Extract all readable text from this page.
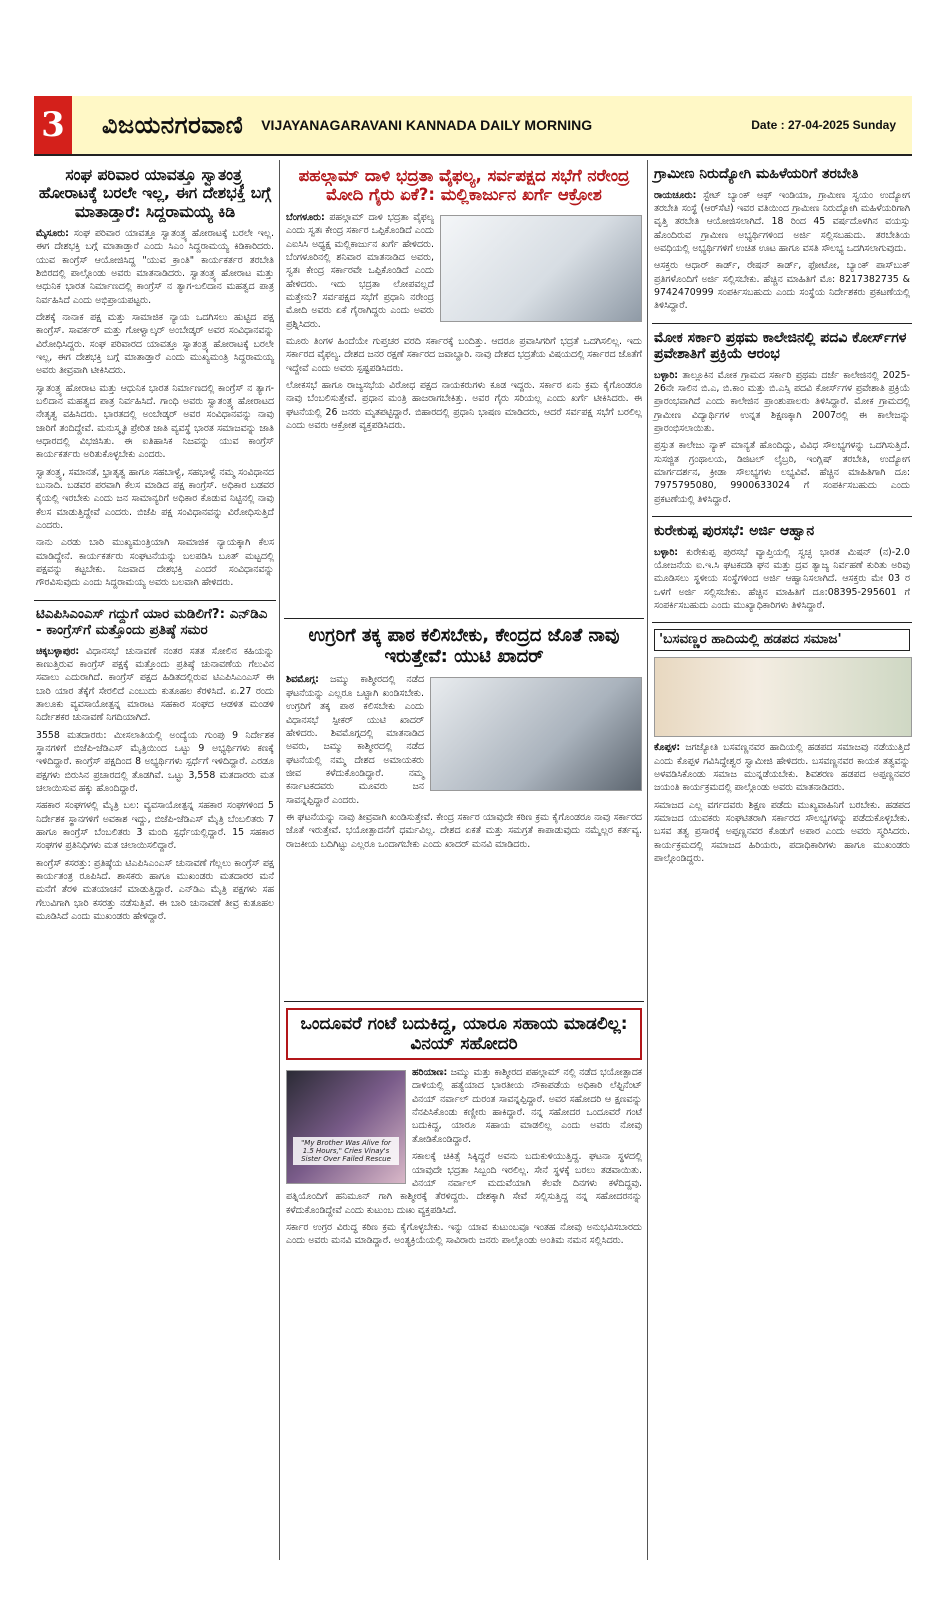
3 ವಿಜಯನಗರವಾಣಿ VIJAYANAGARAVANI KANNADA DAILY MORNING	Date : 27-04-2025 Sunday
ಸಂಘ ಪರಿವಾರ ಯಾವತ್ತೂ ಸ್ವಾತಂತ್ರ್ಯ ಹೋರಾಟಕ್ಕೆ ಬರಲೇ ಇಲ್ಲ, ಈಗ ದೇಶಭಕ್ತಿ ಬಗ್ಗೆ ಮಾತಾಡ್ತಾರೆ: ಸಿದ್ದರಾಮಯ್ಯ ಕಿಡಿ

ಮೈಸೂರು: ಸಂಘ ಪರಿವಾರ ಯಾವತ್ತೂ ಸ್ವಾತಂತ್ರ್ಯ ಹೋರಾಟಕ್ಕೆ ಬರಲೇ ಇಲ್ಲ. ಈಗ ದೇಶಭಕ್ತಿ ಬಗ್ಗೆ ಮಾತಾಡ್ತಾರೆ ಎಂದು ಸಿಎಂ ಸಿದ್ದರಾಮಯ್ಯ ಕಿಡಿಕಾರಿದರು. ಯುವ ಕಾಂಗ್ರೆಸ್ ಆಯೋಜಿಸಿದ್ದ "ಯುವ ಕ್ರಾಂತಿ" ಕಾರ್ಯಕರ್ತರ ತರಬೇತಿ ಶಿಬಿರದಲ್ಲಿ ಪಾಲ್ಗೊಂಡು ಅವರು ಮಾತನಾಡಿದರು. ಸ್ವಾತಂತ್ರ್ಯ ಹೋರಾಟ ಮತ್ತು ಆಧುನಿಕ ಭಾರತ ನಿರ್ಮಾಣದಲ್ಲಿ ಕಾಂಗ್ರೆಸ್ ನ ತ್ಯಾಗ-ಬಲಿದಾನ ಮಹತ್ವದ ಪಾತ್ರ ನಿರ್ವಹಿಸಿದೆ ಎಂದು ಅಭಿಪ್ರಾಯಪಟ್ಟರು.

ದೇಶಕ್ಕೆ ನಾನಾಕ ಪಕ್ಷ ಮತ್ತು ಸಾಮಾಜಿಕ ನ್ಯಾಯ ಒದಗಿಸಲು ಹುಟ್ಟಿದ ಪಕ್ಷ ಕಾಂಗ್ರೆಸ್. ಸಾವರ್ಕರ್ ಮತ್ತು ಗೋಳ್ವಾಲ್ಕರ್ ಅಂಬೇಡ್ಕರ್ ಅವರ ಸಂವಿಧಾನವನ್ನು ವಿರೋಧಿಸಿದ್ದರು. ಸಂಘ ಪರಿವಾರದ ಯಾವತ್ತೂ ಸ್ವಾತಂತ್ರ್ಯ ಹೋರಾಟಕ್ಕೆ ಬರಲೇ ಇಲ್ಲ, ಈಗ ದೇಶಭಕ್ತಿ ಬಗ್ಗೆ ಮಾತಾಡ್ತಾರೆ ಎಂದು ಮುಖ್ಯಮಂತ್ರಿ ಸಿದ್ದರಾಮಯ್ಯ ಅವರು ತೀವ್ರವಾಗಿ ಟೀಕಿಸಿದರು.

ಸ್ವಾತಂತ್ರ್ಯ ಹೋರಾಟ ಮತ್ತು ಆಧುನಿಕ ಭಾರತ ನಿರ್ಮಾಣದಲ್ಲಿ ಕಾಂಗ್ರೆಸ್ ನ ತ್ಯಾಗ-ಬಲಿದಾನ ಮಹತ್ವದ ಪಾತ್ರ ನಿರ್ವಹಿಸಿದೆ. ಗಾಂಧಿ ಅವರು ಸ್ವಾತಂತ್ರ್ಯ ಹೋರಾಟದ ನೇತೃತ್ವ ವಹಿಸಿದರು. ಭಾರತದಲ್ಲಿ ಅಂಬೇಡ್ಕರ್ ಅವರ ಸಂವಿಧಾನವನ್ನು ನಾವು ಜಾರಿಗೆ ತಂದಿದ್ದೇವೆ. ಮನುಸ್ಮೃತಿ ಪ್ರೇರಿತ ಜಾತಿ ವ್ಯವಸ್ಥೆ ಭಾರತ ಸಮಾಜವನ್ನು ಜಾತಿ ಆಧಾರದಲ್ಲಿ ವಿಭಜಿಸಿತು. ಈ ಐತಿಹಾಸಿಕ ನಿಜವನ್ನು ಯುವ ಕಾಂಗ್ರೆಸ್ ಕಾರ್ಯಕರ್ತರು ಅರಿತುಕೊಳ್ಳಬೇಕು ಎಂದರು.

ಸ್ವಾತಂತ್ರ್ಯ, ಸಮಾನತೆ, ಭ್ರಾತೃತ್ವ ಹಾಗೂ ಸಹಬಾಳ್ವೆ, ಸಹಭಾಳ್ವೆ ನಮ್ಮ ಸಂವಿಧಾನದ ಬುನಾದಿ. ಬಡವರ ಪರವಾಗಿ ಕೆಲಸ ಮಾಡಿದ ಪಕ್ಷ ಕಾಂಗ್ರೆಸ್. ಅಧಿಕಾರ ಬಡವರ ಕೈಯಲ್ಲಿ ಇರಬೇಕು ಎಂದು ಜನ ಸಾಮಾನ್ಯರಿಗೆ ಅಧಿಕಾರ ಕೊಡುವ ನಿಟ್ಟಿನಲ್ಲಿ ನಾವು ಕೆಲಸ ಮಾಡುತ್ತಿದ್ದೇವೆ ಎಂದರು. ಬಿಜೆಪಿ ಪಕ್ಷ ಸಂವಿಧಾನವನ್ನು ವಿರೋಧಿಸುತ್ತಿದೆ ಎಂದರು.

ನಾನು ಎರಡು ಬಾರಿ ಮುಖ್ಯಮಂತ್ರಿಯಾಗಿ ಸಾಮಾಜಿಕ ನ್ಯಾಯಕ್ಕಾಗಿ ಕೆಲಸ ಮಾಡಿದ್ದೇನೆ. ಕಾರ್ಯಕರ್ತರು ಸಂಘಟನೆಯನ್ನು ಬಲಪಡಿಸಿ ಬೂತ್ ಮಟ್ಟದಲ್ಲಿ ಪಕ್ಷವನ್ನು ಕಟ್ಟಬೇಕು. ನಿಜವಾದ ದೇಶಭಕ್ತಿ ಎಂದರೆ ಸಂವಿಧಾನವನ್ನು ಗೌರವಿಸುವುದು ಎಂದು ಸಿದ್ದರಾಮಯ್ಯ ಅವರು ಬಲವಾಗಿ ಹೇಳಿದರು.

ಟಿಎಪಿಸಿಎಂಎಸ್ ಗದ್ದುಗೆ ಯಾರ ಮಡಿಲಿಗೆ?: ಎನ್‌ಡಿಎ - ಕಾಂಗ್ರೆಸ್‌ಗೆ ಮತ್ತೊಂದು ಪ್ರತಿಷ್ಠೆ ಸಮರ

ಚಿಕ್ಕಬಳ್ಳಾಪುರ: ವಿಧಾನಸಭೆ ಚುನಾವಣೆ ನಂತರ ಸತತ ಸೋಲಿನ ಕಹಿಯನ್ನು ಕಾಣುತ್ತಿರುವ ಕಾಂಗ್ರೆಸ್ ಪಕ್ಷಕ್ಕೆ ಮತ್ತೊಂದು ಪ್ರತಿಷ್ಠೆ ಚುನಾವಣೆಯ ಗೆಲುವಿನ ಸವಾಲು ಎದುರಾಗಿದೆ. ಕಾಂಗ್ರೆಸ್ ಪಕ್ಷದ ಹಿಡಿತದಲ್ಲಿರುವ ಟಿಎಪಿಸಿಎಂಎಸ್ ಈ ಬಾರಿ ಯಾರ ತೆಕ್ಕೆಗೆ ಸೇರಲಿದೆ ಎಂಬುದು ಕುತೂಹಲ ಕೆರಳಿಸಿದೆ. ಏ.27 ರಂದು ತಾಲೂಕು ವ್ಯವಸಾಯೋತ್ಪನ್ನ ಮಾರಾಟ ಸಹಕಾರ ಸಂಘದ ಆಡಳಿತ ಮಂಡಳಿ ನಿರ್ದೇಶಕರ ಚುನಾವಣೆ ನಿಗದಿಯಾಗಿದೆ.

3558 ಮತದಾರರು: ಮೀಸಲಾತಿಯಲ್ಲಿ ಅಂದ್ಯೆಯ ಗುಂಪು 9 ನಿರ್ದೇಶಕ ಸ್ಥಾನಗಳಿಗೆ ಬಿಜೆಪಿ-ಜೆಡಿಎಸ್ ಮೈತ್ರಿಯಿಂದ ಒಟ್ಟು 9 ಅಭ್ಯರ್ಥಿಗಳು ಕಣಕ್ಕೆ ಇಳಿದಿದ್ದಾರೆ. ಕಾಂಗ್ರೆಸ್ ಪಕ್ಷದಿಂದ 8 ಅಭ್ಯರ್ಥಿಗಳು ಸ್ಪರ್ಧೆಗೆ ಇಳಿದಿದ್ದಾರೆ. ಎರಡೂ ಪಕ್ಷಗಳು ಬಿರುಸಿನ ಪ್ರಚಾರದಲ್ಲಿ ತೊಡಗಿವೆ. ಒಟ್ಟು 3,558 ಮತದಾರರು ಮತ ಚಲಾಯಿಸುವ ಹಕ್ಕು ಹೊಂದಿದ್ದಾರೆ.

ಸಹಕಾರ ಸಂಘಗಳಲ್ಲಿ ಮೈತ್ರಿ ಬಲ: ವ್ಯವಸಾಯೋತ್ಪನ್ನ ಸಹಕಾರ ಸಂಘಗಳಿಂದ 5 ನಿರ್ದೇಶಕ ಸ್ಥಾನಗಳಿಗೆ ಅವಕಾಶ ಇದ್ದು, ಬಿಜೆಪಿ-ಜೆಡಿಎಸ್ ಮೈತ್ರಿ ಬೆಂಬಲಿತರು 7 ಹಾಗೂ ಕಾಂಗ್ರೆಸ್ ಬೆಂಬಲಿತರು 3 ಮಂದಿ ಸ್ಪರ್ಧೆಯಲ್ಲಿದ್ದಾರೆ. 15 ಸಹಕಾರ ಸಂಘಗಳ ಪ್ರತಿನಿಧಿಗಳು ಮತ ಚಲಾಯಿಸಲಿದ್ದಾರೆ.

ಕಾಂಗ್ರೆಸ್ ಕಸರತ್ತು: ಪ್ರತಿಷ್ಠೆಯ ಟಿಎಪಿಸಿಎಂಎಸ್ ಚುನಾವಣೆ ಗೆಲ್ಲಲು ಕಾಂಗ್ರೆಸ್ ಪಕ್ಷ ಕಾರ್ಯತಂತ್ರ ರೂಪಿಸಿದೆ. ಶಾಸಕರು ಹಾಗೂ ಮುಖಂಡರು ಮತದಾರರ ಮನೆ ಮನೆಗೆ ತೆರಳಿ ಮತಯಾಚನೆ ಮಾಡುತ್ತಿದ್ದಾರೆ. ಎನ್‌ಡಿಎ ಮೈತ್ರಿ ಪಕ್ಷಗಳು ಸಹ ಗೆಲುವಿಗಾಗಿ ಭಾರಿ ಕಸರತ್ತು ನಡೆಸುತ್ತಿವೆ. ಈ ಬಾರಿ ಚುನಾವಣೆ ತೀವ್ರ ಕುತೂಹಲ ಮೂಡಿಸಿದೆ ಎಂದು ಮುಖಂಡರು ಹೇಳಿದ್ದಾರೆ.

ಪಹಲ್ಗಾಮ್ ದಾಳಿ ಭದ್ರತಾ ವೈಫಲ್ಯ, ಸರ್ವಪಕ್ಷದ ಸಭೆಗೆ ನರೇಂದ್ರ ಮೋದಿ ಗೈರು ಏಕೆ?: ಮಲ್ಲಿಕಾರ್ಜುನ ಖರ್ಗೆ ಆಕ್ರೋಶ

ಬೆಂಗಳೂರು: ಪಹಲ್ಗಾಮ್ ದಾಳಿ ಭದ್ರತಾ ವೈಫಲ್ಯ ಎಂದು ಸ್ವತಃ ಕೇಂದ್ರ ಸರ್ಕಾರ ಒಪ್ಪಿಕೊಂಡಿದೆ ಎಂದು ಎಐಸಿಸಿ ಅಧ್ಯಕ್ಷ ಮಲ್ಲಿಕಾರ್ಜುನ ಖರ್ಗೆ ಹೇಳಿದರು. ಬೆಂಗಳೂರಿನಲ್ಲಿ ಶನಿವಾರ ಮಾತನಾಡಿದ ಅವರು, ಸ್ವತಃ ಕೇಂದ್ರ ಸರ್ಕಾರವೇ ಒಪ್ಪಿಕೊಂಡಿದೆ ಎಂದು ಹೇಳಿದರು. ಇದು ಭದ್ರತಾ ಲೋಪವಲ್ಲದೆ ಮತ್ತೇನು? ಸರ್ವಪಕ್ಷದ ಸಭೆಗೆ ಪ್ರಧಾನಿ ನರೇಂದ್ರ ಮೋದಿ ಅವರು ಏಕೆ ಗೈರಾಗಿದ್ದರು ಎಂದು ಅವರು ಪ್ರಶ್ನಿಸಿದರು.

ಮೂರು ತಿಂಗಳ ಹಿಂದೆಯೇ ಗುಪ್ತಚರ ವರದಿ ಸರ್ಕಾರಕ್ಕೆ ಬಂದಿತ್ತು. ಆದರೂ ಪ್ರವಾಸಿಗರಿಗೆ ಭದ್ರತೆ ಒದಗಿಸಲಿಲ್ಲ. ಇದು ಸರ್ಕಾರದ ವೈಫಲ್ಯ. ದೇಶದ ಜನರ ರಕ್ಷಣೆ ಸರ್ಕಾರದ ಜವಾಬ್ದಾರಿ. ನಾವು ದೇಶದ ಭದ್ರತೆಯ ವಿಷಯದಲ್ಲಿ ಸರ್ಕಾರದ ಜೊತೆಗೆ ಇದ್ದೇವೆ ಎಂದು ಅವರು ಸ್ಪಷ್ಟಪಡಿಸಿದರು.

ಲೋಕಸಭೆ ಹಾಗೂ ರಾಜ್ಯಸಭೆಯ ವಿರೋಧ ಪಕ್ಷದ ನಾಯಕರುಗಳು ಕೂಡ ಇದ್ದರು. ಸರ್ಕಾರ ಏನು ಕ್ರಮ ಕೈಗೊಂಡರೂ ನಾವು ಬೆಂಬಲಿಸುತ್ತೇವೆ. ಪ್ರಧಾನ ಮಂತ್ರಿ ಹಾಜರಾಗಬೇಕಿತ್ತು. ಅವರ ಗೈರು ಸರಿಯಲ್ಲ ಎಂದು ಖರ್ಗೆ ಟೀಕಿಸಿದರು. ಈ ಘಟನೆಯಲ್ಲಿ 26 ಜನರು ಮೃತಪಟ್ಟಿದ್ದಾರೆ. ಬಿಹಾರದಲ್ಲಿ ಪ್ರಧಾನಿ ಭಾಷಣ ಮಾಡಿದರು, ಆದರೆ ಸರ್ವಪಕ್ಷ ಸಭೆಗೆ ಬರಲಿಲ್ಲ ಎಂದು ಅವರು ಆಕ್ರೋಶ ವ್ಯಕ್ತಪಡಿಸಿದರು.

ಉಗ್ರರಿಗೆ ತಕ್ಕ ಪಾಠ ಕಲಿಸಬೇಕು, ಕೇಂದ್ರದ ಜೊತೆ ನಾವು ಇರುತ್ತೇವೆ: ಯುಟಿ ಖಾದರ್

ಶಿವಮೊಗ್ಗ: ಜಮ್ಮು ಕಾಶ್ಮೀರದಲ್ಲಿ ನಡೆದ ಘಟನೆಯನ್ನು ಎಲ್ಲರೂ ಒಟ್ಟಾಗಿ ಖಂಡಿಸಬೇಕು. ಉಗ್ರರಿಗೆ ತಕ್ಕ ಪಾಠ ಕಲಿಸಬೇಕು ಎಂದು ವಿಧಾನಸಭೆ ಸ್ಪೀಕರ್ ಯುಟಿ ಖಾದರ್ ಹೇಳಿದರು. ಶಿವಮೊಗ್ಗದಲ್ಲಿ ಮಾತನಾಡಿದ ಅವರು, ಜಮ್ಮು ಕಾಶ್ಮೀರದಲ್ಲಿ ನಡೆದ ಘಟನೆಯಲ್ಲಿ ನಮ್ಮ ದೇಶದ ಅಮಾಯಕರು ಜೀವ ಕಳೆದುಕೊಂಡಿದ್ದಾರೆ. ನಮ್ಮ ಕರ್ನಾಟಕದವರು ಮೂವರು ಜನ ಸಾವನ್ನಪ್ಪಿದ್ದಾರೆ ಎಂದರು.

ಈ ಘಟನೆಯನ್ನು ನಾವು ತೀವ್ರವಾಗಿ ಖಂಡಿಸುತ್ತೇವೆ. ಕೇಂದ್ರ ಸರ್ಕಾರ ಯಾವುದೇ ಕಠಿಣ ಕ್ರಮ ಕೈಗೊಂಡರೂ ನಾವು ಸರ್ಕಾರದ ಜೊತೆ ಇರುತ್ತೇವೆ. ಭಯೋತ್ಪಾದನೆಗೆ ಧರ್ಮವಿಲ್ಲ. ದೇಶದ ಏಕತೆ ಮತ್ತು ಸಮಗ್ರತೆ ಕಾಪಾಡುವುದು ನಮ್ಮೆಲ್ಲರ ಕರ್ತವ್ಯ. ರಾಜಕೀಯ ಬದಿಗಿಟ್ಟು ಎಲ್ಲರೂ ಒಂದಾಗಬೇಕು ಎಂದು ಖಾದರ್ ಮನವಿ ಮಾಡಿದರು.

ಒಂದೂವರೆ ಗಂಟೆ ಬದುಕಿದ್ದ, ಯಾರೂ ಸಹಾಯ ಮಾಡಲಿಲ್ಲ: ವಿನಯ್ ಸಹೋದರಿ
"My Brother Was Alive for 1.5 Hours," Cries Vinay's Sister Over Failed Rescue

ಹರಿಯಾಣ: ಜಮ್ಮು ಮತ್ತು ಕಾಶ್ಮೀರದ ಪಹಲ್ಗಾಮ್ ನಲ್ಲಿ ನಡೆದ ಭಯೋತ್ಪಾದಕ ದಾಳಿಯಲ್ಲಿ ಹತ್ಯೆಯಾದ ಭಾರತೀಯ ನೌಕಾಪಡೆಯ ಅಧಿಕಾರಿ ಲೆಫ್ಟಿನೆಂಟ್ ವಿನಯ್ ನರ್ವಾಲ್ ದುರಂತ ಸಾವನ್ನಪ್ಪಿದ್ದಾರೆ. ಅವರ ಸಹೋದರಿ ಆ ಕ್ಷಣವನ್ನು ನೆನಪಿಸಿಕೊಂಡು ಕಣ್ಣೀರು ಹಾಕಿದ್ದಾರೆ. ನನ್ನ ಸಹೋದರ ಒಂದೂವರೆ ಗಂಟೆ ಬದುಕಿದ್ದ, ಯಾರೂ ಸಹಾಯ ಮಾಡಲಿಲ್ಲ ಎಂದು ಅವರು ನೋವು ತೋಡಿಕೊಂಡಿದ್ದಾರೆ.

ಸಕಾಲಕ್ಕೆ ಚಿಕಿತ್ಸೆ ಸಿಕ್ಕಿದ್ದರೆ ಅವನು ಬದುಕುಳಿಯುತ್ತಿದ್ದ. ಘಟನಾ ಸ್ಥಳದಲ್ಲಿ ಯಾವುದೇ ಭದ್ರತಾ ಸಿಬ್ಬಂದಿ ಇರಲಿಲ್ಲ. ಸೇನೆ ಸ್ಥಳಕ್ಕೆ ಬರಲು ತಡವಾಯಿತು. ವಿನಯ್ ನರ್ವಾಲ್ ಮದುವೆಯಾಗಿ ಕೆಲವೇ ದಿನಗಳು ಕಳೆದಿದ್ದವು. ಪತ್ನಿಯೊಂದಿಗೆ ಹನಿಮೂನ್ ಗಾಗಿ ಕಾಶ್ಮೀರಕ್ಕೆ ತೆರಳಿದ್ದರು. ದೇಶಕ್ಕಾಗಿ ಸೇವೆ ಸಲ್ಲಿಸುತ್ತಿದ್ದ ನನ್ನ ಸಹೋದರನನ್ನು ಕಳೆದುಕೊಂಡಿದ್ದೇವೆ ಎಂದು ಕುಟುಂಬ ದುಃಖ ವ್ಯಕ್ತಪಡಿಸಿದೆ.

ಸರ್ಕಾರ ಉಗ್ರರ ವಿರುದ್ಧ ಕಠಿಣ ಕ್ರಮ ಕೈಗೊಳ್ಳಬೇಕು. ಇನ್ನು ಯಾವ ಕುಟುಂಬವೂ ಇಂತಹ ನೋವು ಅನುಭವಿಸಬಾರದು ಎಂದು ಅವರು ಮನವಿ ಮಾಡಿದ್ದಾರೆ. ಅಂತ್ಯಕ್ರಿಯೆಯಲ್ಲಿ ಸಾವಿರಾರು ಜನರು ಪಾಲ್ಗೊಂಡು ಅಂತಿಮ ನಮನ ಸಲ್ಲಿಸಿದರು.

ಗ್ರಾಮೀಣ ನಿರುದ್ಯೋಗಿ ಮಹಿಳೆಯರಿಗೆ ತರಬೇತಿ

ರಾಯಚೂರು: ಸ್ಟೇಟ್ ಬ್ಯಾಂಕ್ ಆಫ್ ಇಂಡಿಯಾ, ಗ್ರಾಮೀಣ ಸ್ವಯಂ ಉದ್ಯೋಗ ತರಬೇತಿ ಸಂಸ್ಥೆ (ಆರ್‌ಸೆಟಿ) ಇವರ ವತಿಯಿಂದ ಗ್ರಾಮೀಣ ನಿರುದ್ಯೋಗಿ ಮಹಿಳೆಯರಿಗಾಗಿ ವೃತ್ತಿ ತರಬೇತಿ ಆಯೋಜಿಸಲಾಗಿದೆ. 18 ರಿಂದ 45 ವರ್ಷದೊಳಗಿನ ವಯಸ್ಸು ಹೊಂದಿರುವ ಗ್ರಾಮೀಣ ಅಭ್ಯರ್ಥಿಗಳಿಂದ ಅರ್ಜಿ ಸಲ್ಲಿಸಬಹುದು. ತರಬೇತಿಯ ಅವಧಿಯಲ್ಲಿ ಅಭ್ಯರ್ಥಿಗಳಿಗೆ ಉಚಿತ ಊಟ ಹಾಗೂ ವಸತಿ ಸೌಲಭ್ಯ ಒದಗಿಸಲಾಗುವುದು.

ಆಸಕ್ತರು ಆಧಾರ್ ಕಾರ್ಡ್, ರೇಷನ್ ಕಾರ್ಡ್, ಫೋಟೋ, ಬ್ಯಾಂಕ್ ಪಾಸ್‌ಬುಕ್ ಪ್ರತಿಗಳೊಂದಿಗೆ ಅರ್ಜಿ ಸಲ್ಲಿಸಬೇಕು. ಹೆಚ್ಚಿನ ಮಾಹಿತಿಗೆ ಮೊ: 8217382735 & 9742470999 ಸಂಪರ್ಕಿಸಬಹುದು ಎಂದು ಸಂಸ್ಥೆಯ ನಿರ್ದೇಶಕರು ಪ್ರಕಟಣೆಯಲ್ಲಿ ತಿಳಿಸಿದ್ದಾರೆ.

ಮೋಕ ಸರ್ಕಾರಿ ಪ್ರಥಮ ಕಾಲೇಜಿನಲ್ಲಿ ಪದವಿ ಕೋರ್ಸ್‌ಗಳ ಪ್ರವೇಶಾತಿಗೆ ಪ್ರಕ್ರಿಯೆ ಆರಂಭ

ಬಳ್ಳಾರಿ: ತಾಲ್ಲೂಕಿನ ಮೋಕ ಗ್ರಾಮದ ಸರ್ಕಾರಿ ಪ್ರಥಮ ದರ್ಜೆ ಕಾಲೇಜಿನಲ್ಲಿ 2025-26ನೇ ಸಾಲಿನ ಬಿ.ಎ, ಬಿ.ಕಾಂ ಮತ್ತು ಬಿ.ಎಸ್ಸಿ ಪದವಿ ಕೋರ್ಸ್‌ಗಳ ಪ್ರವೇಶಾತಿ ಪ್ರಕ್ರಿಯೆ ಪ್ರಾರಂಭವಾಗಿದೆ ಎಂದು ಕಾಲೇಜಿನ ಪ್ರಾಂಶುಪಾಲರು ತಿಳಿಸಿದ್ದಾರೆ. ಮೋಕ ಗ್ರಾಮದಲ್ಲಿ ಗ್ರಾಮೀಣ ವಿದ್ಯಾರ್ಥಿಗಳ ಉನ್ನತ ಶಿಕ್ಷಣಕ್ಕಾಗಿ 2007ರಲ್ಲಿ ಈ ಕಾಲೇಜನ್ನು ಪ್ರಾರಂಭಿಸಲಾಯಿತು.

ಪ್ರಸ್ತುತ ಕಾಲೇಜು ನ್ಯಾಕ್ ಮಾನ್ಯತೆ ಹೊಂದಿದ್ದು, ವಿವಿಧ ಸೌಲಭ್ಯಗಳನ್ನು ಒದಗಿಸುತ್ತಿದೆ. ಸುಸಜ್ಜಿತ ಗ್ರಂಥಾಲಯ, ಡಿಜಿಟಲ್ ಲೈಬ್ರರಿ, ಇಂಗ್ಲಿಷ್ ತರಬೇತಿ, ಉದ್ಯೋಗ ಮಾರ್ಗದರ್ಶನ, ಕ್ರೀಡಾ ಸೌಲಭ್ಯಗಳು ಲಭ್ಯವಿವೆ. ಹೆಚ್ಚಿನ ಮಾಹಿತಿಗಾಗಿ ದೂ: 7975795080, 9900633024 ಗೆ ಸಂಪರ್ಕಿಸಬಹುದು ಎಂದು ಪ್ರಕಟಣೆಯಲ್ಲಿ ತಿಳಿಸಿದ್ದಾರೆ.

ಕುರೇಕುಪ್ಪ ಪುರಸಭೆ: ಅರ್ಜಿ ಆಹ್ವಾನ

ಬಳ್ಳಾರಿ: ಕುರೇಕುಪ್ಪ ಪುರಸಭೆ ವ್ಯಾಪ್ತಿಯಲ್ಲಿ ಸ್ವಚ್ಛ ಭಾರತ ಮಿಷನ್ (ನ)-2.0 ಯೋಜನೆಯ ಐ.ಇ.ಸಿ ಘಟಕದಡಿ ಘನ ಮತ್ತು ದ್ರವ ತ್ಯಾಜ್ಯ ನಿರ್ವಹಣೆ ಕುರಿತು ಅರಿವು ಮೂಡಿಸಲು ಸ್ಥಳೀಯ ಸಂಸ್ಥೆಗಳಿಂದ ಅರ್ಜಿ ಆಹ್ವಾನಿಸಲಾಗಿದೆ. ಆಸಕ್ತರು ಮೇ 03 ರ ಒಳಗೆ ಅರ್ಜಿ ಸಲ್ಲಿಸಬೇಕು. ಹೆಚ್ಚಿನ ಮಾಹಿತಿಗೆ ದೂ:08395-295601 ಗೆ ಸಂಪರ್ಕಿಸಬಹುದು ಎಂದು ಮುಖ್ಯಾಧಿಕಾರಿಗಳು ತಿಳಿಸಿದ್ದಾರೆ.

'ಬಸವಣ್ಣರ ಹಾದಿಯಲ್ಲಿ ಹಡಪದ ಸಮಾಜ'

ಕೊಪ್ಪಳ: ಜಗಜ್ಯೋತಿ ಬಸವಣ್ಣನವರ ಹಾದಿಯಲ್ಲಿ ಹಡಪದ ಸಮಾಜವು ನಡೆಯುತ್ತಿದೆ ಎಂದು ಕೊಪ್ಪಳ ಗವಿಸಿದ್ಧೇಶ್ವರ ಸ್ವಾಮೀಜಿ ಹೇಳಿದರು. ಬಸವಣ್ಣನವರ ಕಾಯಕ ತತ್ವವನ್ನು ಅಳವಡಿಸಿಕೊಂಡು ಸಮಾಜ ಮುನ್ನಡೆಯಬೇಕು. ಶಿವಶರಣ ಹಡಪದ ಅಪ್ಪಣ್ಣನವರ ಜಯಂತಿ ಕಾರ್ಯಕ್ರಮದಲ್ಲಿ ಪಾಲ್ಗೊಂಡು ಅವರು ಮಾತನಾಡಿದರು.

ಸಮಾಜದ ಎಲ್ಲ ವರ್ಗದವರು ಶಿಕ್ಷಣ ಪಡೆದು ಮುಖ್ಯವಾಹಿನಿಗೆ ಬರಬೇಕು. ಹಡಪದ ಸಮಾಜದ ಯುವಕರು ಸಂಘಟಿತರಾಗಿ ಸರ್ಕಾರದ ಸೌಲಭ್ಯಗಳನ್ನು ಪಡೆದುಕೊಳ್ಳಬೇಕು. ಬಸವ ತತ್ವ ಪ್ರಸಾರಕ್ಕೆ ಅಪ್ಪಣ್ಣನವರ ಕೊಡುಗೆ ಅಪಾರ ಎಂದು ಅವರು ಸ್ಮರಿಸಿದರು. ಕಾರ್ಯಕ್ರಮದಲ್ಲಿ ಸಮಾಜದ ಹಿರಿಯರು, ಪದಾಧಿಕಾರಿಗಳು ಹಾಗೂ ಮುಖಂಡರು ಪಾಲ್ಗೊಂಡಿದ್ದರು.
